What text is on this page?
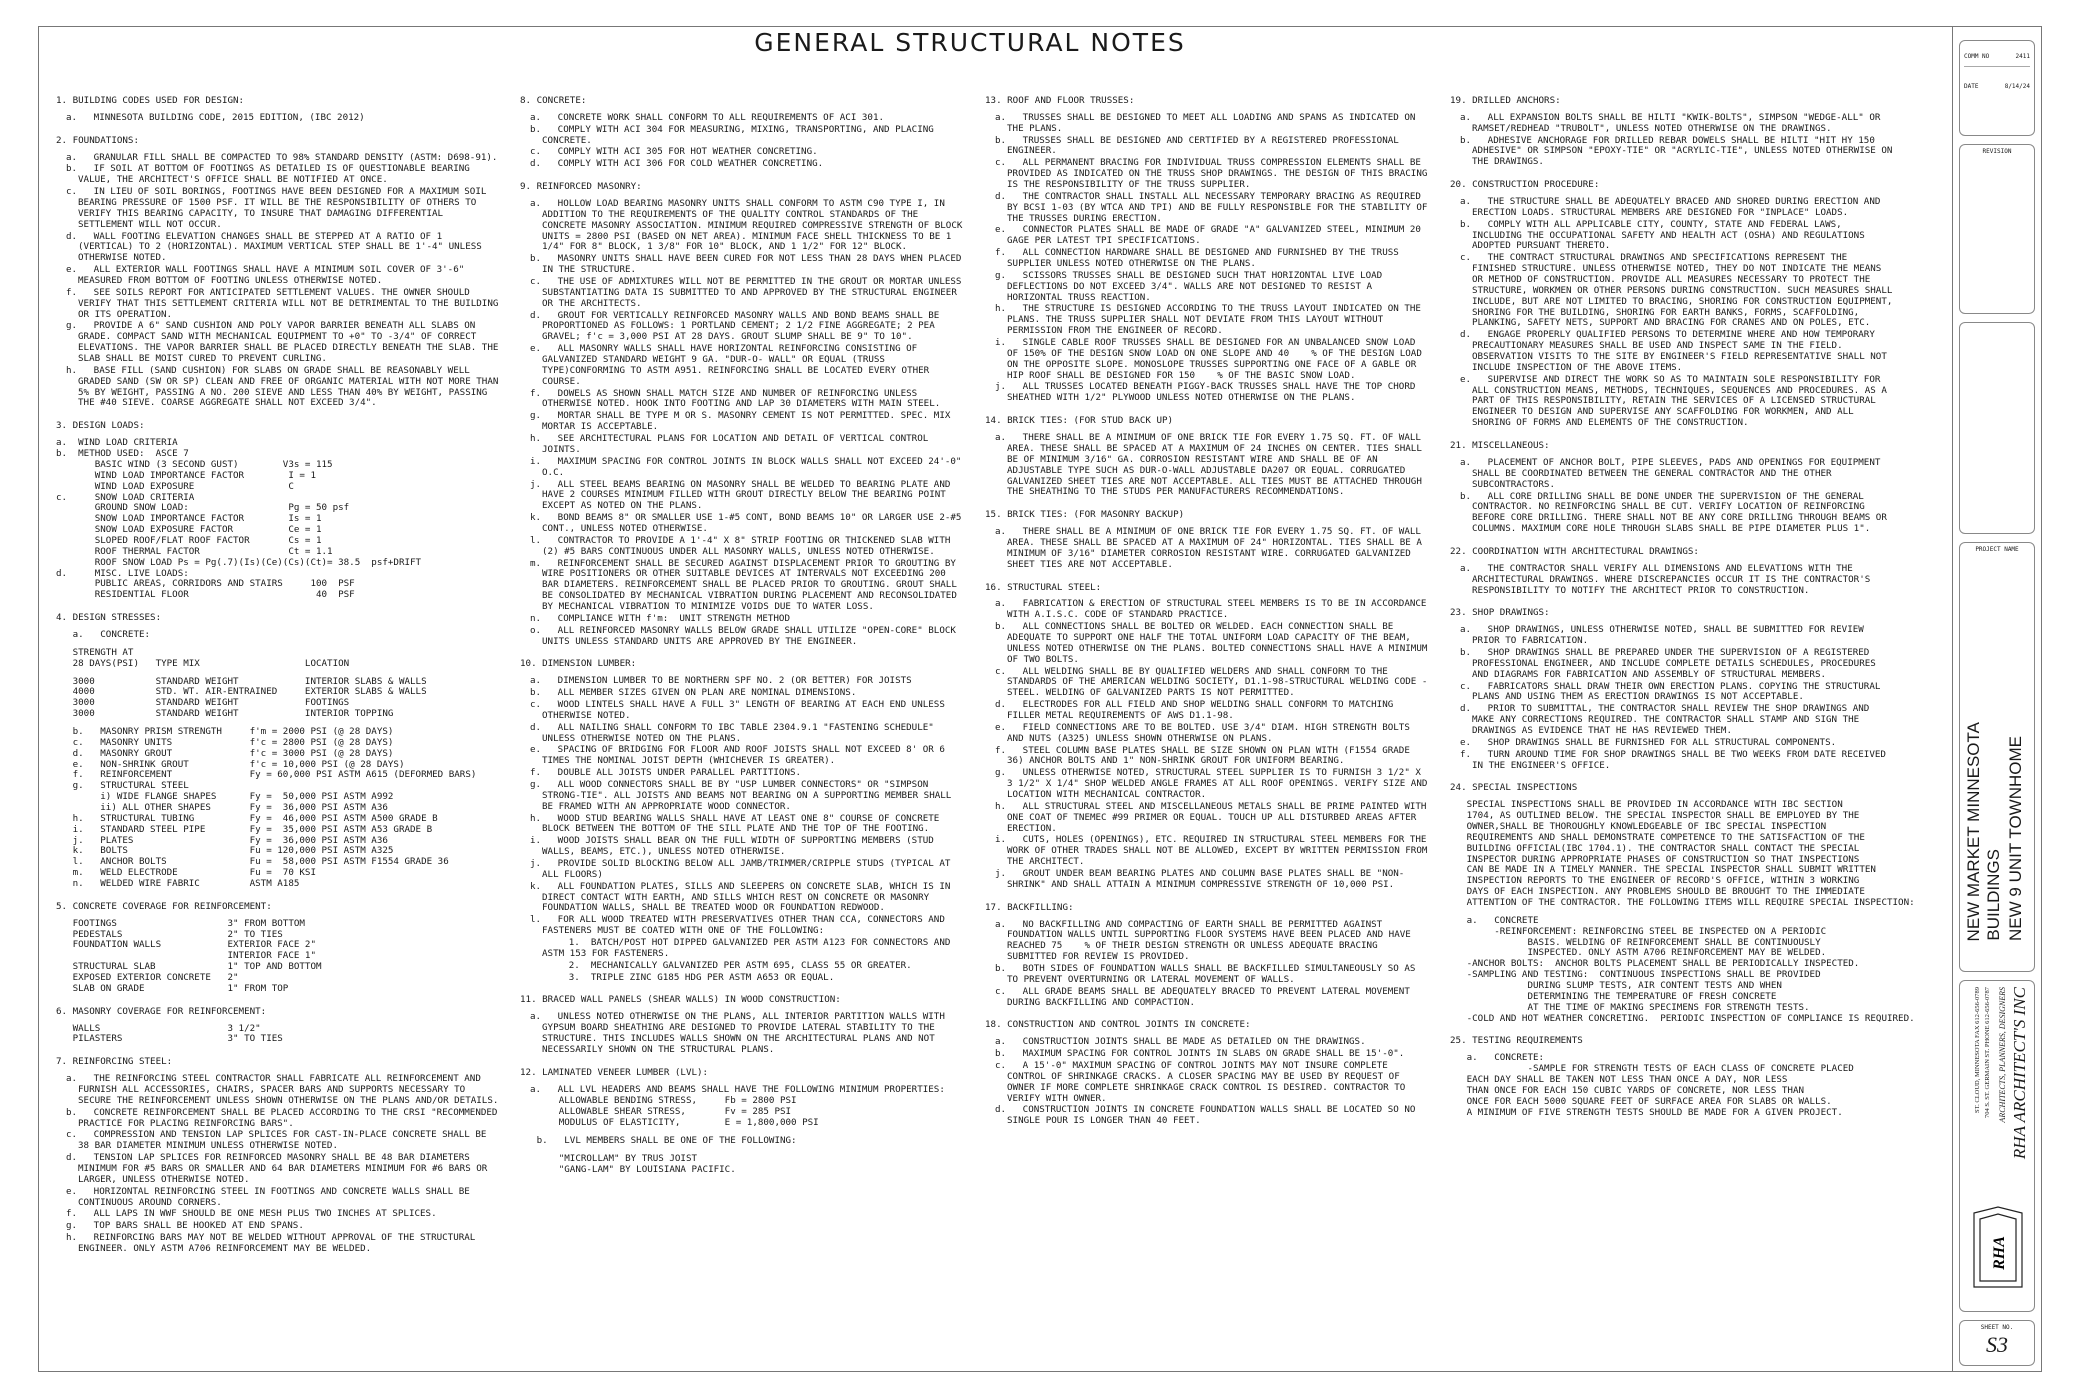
GENERAL STRUCTURAL NOTES
1. BUILDING CODES USED FOR DESIGN:
a.   MINNESOTA BUILDING CODE, 2015 EDITION, (IBC 2012)
2. FOUNDATIONS:
a.   GRANULAR FILL SHALL BE COMPACTED TO 98% STANDARD DENSITY (ASTM: D698-91).
b.   IF SOIL AT BOTTOM OF FOOTINGS AS DETAILED IS OF QUESTIONABLE BEARING VALUE, THE ARCHITECT'S OFFICE SHALL BE NOTIFIED AT ONCE.
c.   IN LIEU OF SOIL BORINGS, FOOTINGS HAVE BEEN DESIGNED FOR A MAXIMUM SOIL BEARING PRESSURE OF 1500 PSF. IT WILL BE THE RESPONSIBILITY OF OTHERS TO VERIFY THIS BEARING CAPACITY, TO INSURE THAT DAMAGING DIFFERENTIAL SETTLEMENT WILL NOT OCCUR.
d.   WALL FOOTING ELEVATION CHANGES SHALL BE STEPPED AT A RATIO OF 1 (VERTICAL) TO 2 (HORIZONTAL). MAXIMUM VERTICAL STEP SHALL BE 1'-4" UNLESS OTHERWISE NOTED.
e.   ALL EXTERIOR WALL FOOTINGS SHALL HAVE A MINIMUM SOIL COVER OF 3'-6" MEASURED FROM BOTTOM OF FOOTING UNLESS OTHERWISE NOTED.
f.   SEE SOILS REPORT FOR ANTICIPATED SETTLEMENT VALUES. THE OWNER SHOULD VERIFY THAT THIS SETTLEMENT CRITERIA WILL NOT BE DETRIMENTAL TO THE BUILDING OR ITS OPERATION.
g.   PROVIDE A 6" SAND CUSHION AND POLY VAPOR BARRIER BENEATH ALL SLABS ON GRADE. COMPACT SAND WITH MECHANICAL EQUIPMENT TO +0" TO -3/4" OF CORRECT ELEVATIONS. THE VAPOR BARRIER SHALL BE PLACED DIRECTLY BENEATH THE SLAB. THE SLAB SHALL BE MOIST CURED TO PREVENT CURLING.
h.   BASE FILL (SAND CUSHION) FOR SLABS ON GRADE SHALL BE REASONABLY WELL GRADED SAND (SW OR SP) CLEAN AND FREE OF ORGANIC MATERIAL WITH NOT MORE THAN 5% BY WEIGHT, PASSING A NO. 200 SIEVE AND LESS THAN 40% BY WEIGHT, PASSING THE #40 SIEVE. COARSE AGGREGATE SHALL NOT EXCEED 3/4".
3. DESIGN LOADS:
a.  WIND LOAD CRITERIA
b.  METHOD USED:  ASCE 7
BASIC WIND (3 SECOND GUST)        V3s = 115
WIND LOAD IMPORTANCE FACTOR        I = 1
WIND LOAD EXPOSURE                 C
c.     SNOW LOAD CRITERIA
GROUND SNOW LOAD:                  Pg = 50 psf
SNOW LOAD IMPORTANCE FACTOR        Is = 1
SNOW LOAD EXPOSURE FACTOR          Ce = 1
SLOPED ROOF/FLAT ROOF FACTOR       Cs = 1
ROOF THERMAL FACTOR                Ct = 1.1
ROOF SNOW LOAD Ps = Pg(.7)(Is)(Ce)(Cs)(Ct)= 38.5  psf+DRIFT
d.     MISC. LIVE LOADS:
PUBLIC AREAS, CORRIDORS AND STAIRS     100  PSF
RESIDENTIAL FLOOR                       40  PSF
4. DESIGN STRESSES:
a.   CONCRETE:
STRENGTH AT
28 DAYS(PSI)   TYPE MIX                   LOCATION
3000           STANDARD WEIGHT            INTERIOR SLABS & WALLS
4000           STD. WT. AIR-ENTRAINED     EXTERIOR SLABS & WALLS
3000           STANDARD WEIGHT            FOOTINGS
3000           STANDARD WEIGHT            INTERIOR TOPPING
b.   MASONRY PRISM STRENGTH     f'm = 2000 PSI (@ 28 DAYS)
c.   MASONRY UNITS              f'c = 2800 PSI (@ 28 DAYS)
d.   MASONRY GROUT              f'c = 3000 PSI (@ 28 DAYS)
e.   NON-SHRINK GROUT           f'c = 10,000 PSI (@ 28 DAYS)
f.   REINFORCEMENT              Fy = 60,000 PSI ASTM A615 (DEFORMED BARS)
g.   STRUCTURAL STEEL
i) WIDE FLANGE SHAPES      Fy =  50,000 PSI ASTM A992
ii) ALL OTHER SHAPES       Fy =  36,000 PSI ASTM A36
h.   STRUCTURAL TUBING          Fy =  46,000 PSI ASTM A500 GRADE B
i.   STANDARD STEEL PIPE        Fy =  35,000 PSI ASTM A53 GRADE B
j.   PLATES                     Fy =  36,000 PSI ASTM A36
k.   BOLTS                      Fu = 120,000 PSI ASTM A325
l.   ANCHOR BOLTS               Fu =  58,000 PSI ASTM F1554 GRADE 36
m.   WELD ELECTRODE             Fu =  70 KSI
n.   WELDED WIRE FABRIC         ASTM A185
5. CONCRETE COVERAGE FOR REINFORCEMENT:
FOOTINGS                    3" FROM BOTTOM
PEDESTALS                   2" TO TIES
FOUNDATION WALLS            EXTERIOR FACE 2"
INTERIOR FACE 1"
STRUCTURAL SLAB             1" TOP AND BOTTOM
EXPOSED EXTERIOR CONCRETE   2"
SLAB ON GRADE               1" FROM TOP
6. MASONRY COVERAGE FOR REINFORCEMENT:
WALLS                       3 1/2"
PILASTERS                   3" TO TIES
7. REINFORCING STEEL:
a.   THE REINFORCING STEEL CONTRACTOR SHALL FABRICATE ALL REINFORCEMENT AND FURNISH ALL ACCESSORIES, CHAIRS, SPACER BARS AND SUPPORTS NECESSARY TO SECURE THE REINFORCEMENT UNLESS SHOWN OTHERWISE ON THE PLANS AND/OR DETAILS.
b.   CONCRETE REINFORCEMENT SHALL BE PLACED ACCORDING TO THE CRSI "RECOMMENDED PRACTICE FOR PLACING REINFORCING BARS".
c.   COMPRESSION AND TENSION LAP SPLICES FOR CAST-IN-PLACE CONCRETE SHALL BE 38 BAR DIAMETER MINIMUM UNLESS OTHERWISE NOTED.
d.   TENSION LAP SPLICES FOR REINFORCED MASONRY SHALL BE 48 BAR DIAMETERS MINIMUM FOR #5 BARS OR SMALLER AND 64 BAR DIAMETERS MINIMUM FOR #6 BARS OR LARGER, UNLESS OTHERWISE NOTED.
e.   HORIZONTAL REINFORCING STEEL IN FOOTINGS AND CONCRETE WALLS SHALL BE CONTINUOUS AROUND CORNERS.
f.   ALL LAPS IN WWF SHOULD BE ONE MESH PLUS TWO INCHES AT SPLICES.
g.   TOP BARS SHALL BE HOOKED AT END SPANS.
h.   REINFORCING BARS MAY NOT BE WELDED WITHOUT APPROVAL OF THE STRUCTURAL ENGINEER. ONLY ASTM A706 REINFORCEMENT MAY BE WELDED.
8. CONCRETE:
a.   CONCRETE WORK SHALL CONFORM TO ALL REQUIREMENTS OF ACI 301.
b.   COMPLY WITH ACI 304 FOR MEASURING, MIXING, TRANSPORTING, AND PLACING CONCRETE.
c.   COMPLY WITH ACI 305 FOR HOT WEATHER CONCRETING.
d.   COMPLY WITH ACI 306 FOR COLD WEATHER CONCRETING.
9. REINFORCED MASONRY:
a.   HOLLOW LOAD BEARING MASONRY UNITS SHALL CONFORM TO ASTM C90 TYPE I, IN ADDITION TO THE REQUIREMENTS OF THE QUALITY CONTROL STANDARDS OF THE CONCRETE MASONRY ASSOCIATION. MINIMUM REQUIRED COMPRESSIVE STRENGTH OF BLOCK UNITS = 2800 PSI (BASED ON NET AREA). MINIMUM FACE SHELL THICKNESS TO BE 1 1/4" FOR 8" BLOCK, 1 3/8" FOR 10" BLOCK, AND 1 1/2" FOR 12" BLOCK.
b.   MASONRY UNITS SHALL HAVE BEEN CURED FOR NOT LESS THAN 28 DAYS WHEN PLACED IN THE STRUCTURE.
c.   THE USE OF ADMIXTURES WILL NOT BE PERMITTED IN THE GROUT OR MORTAR UNLESS SUBSTANTIATING DATA IS SUBMITTED TO AND APPROVED BY THE STRUCTURAL ENGINEER OR THE ARCHITECTS.
d.   GROUT FOR VERTICALLY REINFORCED MASONRY WALLS AND BOND BEAMS SHALL BE PROPORTIONED AS FOLLOWS: 1 PORTLAND CEMENT; 2 1/2 FINE AGGREGATE; 2 PEA GRAVEL; f'c = 3,000 PSI AT 28 DAYS. GROUT SLUMP SHALL BE 9" TO 10".
e.   ALL MASONRY WALLS SHALL HAVE HORIZONTAL REINFORCING CONSISTING OF GALVANIZED STANDARD WEIGHT 9 GA. "DUR-O- WALL" OR EQUAL (TRUSS TYPE)CONFORMING TO ASTM A951. REINFORCING SHALL BE LOCATED EVERY OTHER COURSE.
f.   DOWELS AS SHOWN SHALL MATCH SIZE AND NUMBER OF REINFORCING UNLESS OTHERWISE NOTED. HOOK INTO FOOTING AND LAP 30 DIAMETERS WITH MAIN STEEL.
g.   MORTAR SHALL BE TYPE M OR S. MASONRY CEMENT IS NOT PERMITTED. SPEC. MIX MORTAR IS ACCEPTABLE.
h.   SEE ARCHITECTURAL PLANS FOR LOCATION AND DETAIL OF VERTICAL CONTROL JOINTS.
i.   MAXIMUM SPACING FOR CONTROL JOINTS IN BLOCK WALLS SHALL NOT EXCEED 24'-0" O.C.
j.   ALL STEEL BEAMS BEARING ON MASONRY SHALL BE WELDED TO BEARING PLATE AND HAVE 2 COURSES MINIMUM FILLED WITH GROUT DIRECTLY BELOW THE BEARING POINT EXCEPT AS NOTED ON THE PLANS.
k.   BOND BEAMS 8" OR SMALLER USE 1-#5 CONT, BOND BEAMS 10" OR LARGER USE 2-#5 CONT., UNLESS NOTED OTHERWISE.
l.   CONTRACTOR TO PROVIDE A 1'-4" X 8" STRIP FOOTING OR THICKENED SLAB WITH (2) #5 BARS CONTINUOUS UNDER ALL MASONRY WALLS, UNLESS NOTED OTHERWISE.
m.   REINFORCEMENT SHALL BE SECURED AGAINST DISPLACEMENT PRIOR TO GROUTING BY WIRE POSITIONERS OR OTHER SUITABLE DEVICES AT INTERVALS NOT EXCEEDING 200 BAR DIAMETERS. REINFORCEMENT SHALL BE PLACED PRIOR TO GROUTING. GROUT SHALL BE CONSOLIDATED BY MECHANICAL VIBRATION DURING PLACEMENT AND RECONSOLIDATED BY MECHANICAL VIBRATION TO MINIMIZE VOIDS DUE TO WATER LOSS.
n.   COMPLIANCE WITH f'm:  UNIT STRENGTH METHOD
o.   ALL REINFORCED MASONRY WALLS BELOW GRADE SHALL UTILIZE "OPEN-CORE" BLOCK UNITS UNLESS STANDARD UNITS ARE APPROVED BY THE ENGINEER.
10. DIMENSION LUMBER:
a.   DIMENSION LUMBER TO BE NORTHERN SPF NO. 2 (OR BETTER) FOR JOISTS
b.   ALL MEMBER SIZES GIVEN ON PLAN ARE NOMINAL DIMENSIONS.
c.   WOOD LINTELS SHALL HAVE A FULL 3" LENGTH OF BEARING AT EACH END UNLESS OTHERWISE NOTED.
d.   ALL NAILING SHALL CONFORM TO IBC TABLE 2304.9.1 "FASTENING SCHEDULE" UNLESS OTHERWISE NOTED ON THE PLANS.
e.   SPACING OF BRIDGING FOR FLOOR AND ROOF JOISTS SHALL NOT EXCEED 8' OR 6 TIMES THE NOMINAL JOIST DEPTH (WHICHEVER IS GREATER).
f.   DOUBLE ALL JOISTS UNDER PARALLEL PARTITIONS.
g.   ALL WOOD CONNECTORS SHALL BE BY "USP LUMBER CONNECTORS" OR "SIMPSON STRONG-TIE". ALL JOISTS AND BEAMS NOT BEARING ON A SUPPORTING MEMBER SHALL BE FRAMED WITH AN APPROPRIATE WOOD CONNECTOR.
h.   WOOD STUD BEARING WALLS SHALL HAVE AT LEAST ONE 8" COURSE OF CONCRETE BLOCK BETWEEN THE BOTTOM OF THE SILL PLATE AND THE TOP OF THE FOOTING.
i.   WOOD JOISTS SHALL BEAR ON THE FULL WIDTH OF SUPPORTING MEMBERS (STUD WALLS, BEAMS, ETC.), UNLESS NOTED OTHERWISE.
j.   PROVIDE SOLID BLOCKING BELOW ALL JAMB/TRIMMER/CRIPPLE STUDS (TYPICAL AT ALL FLOORS)
k.   ALL FOUNDATION PLATES, SILLS AND SLEEPERS ON CONCRETE SLAB, WHICH IS IN DIRECT CONTACT WITH EARTH, AND SILLS WHICH REST ON CONCRETE OR MASONRY FOUNDATION WALLS, SHALL BE TREATED WOOD OR FOUNDATION REDWOOD.
l.   FOR ALL WOOD TREATED WITH PRESERVATIVES OTHER THAN CCA, CONNECTORS AND FASTENERS MUST BE COATED WITH ONE OF THE FOLLOWING:
1.  BATCH/POST HOT DIPPED GALVANIZED PER ASTM A123 FOR CONNECTORS AND ASTM 153 FOR FASTENERS.
2.  MECHANICALLY GALVANIZED PER ASTM 695, CLASS 55 OR GREATER.
3.  TRIPLE ZINC G185 HDG PER ASTM A653 OR EQUAL.
11. BRACED WALL PANELS (SHEAR WALLS) IN WOOD CONSTRUCTION:
a.   UNLESS NOTED OTHERWISE ON THE PLANS, ALL INTERIOR PARTITION WALLS WITH GYPSUM BOARD SHEATHING ARE DESIGNED TO PROVIDE LATERAL STABILITY TO THE STRUCTURE. THIS INCLUDES WALLS SHOWN ON THE ARCHITECTURAL PLANS AND NOT NECESSARILY SHOWN ON THE STRUCTURAL PLANS.
12. LAMINATED VENEER LUMBER (LVL):
a.   ALL LVL HEADERS AND BEAMS SHALL HAVE THE FOLLOWING MINIMUM PROPERTIES:
ALLOWABLE BENDING STRESS,     Fb = 2800 PSI
ALLOWABLE SHEAR STRESS,       Fv = 285 PSI
MODULUS OF ELASTICITY,        E = 1,800,000 PSI
b.   LVL MEMBERS SHALL BE ONE OF THE FOLLOWING:
"MICROLLAM" BY TRUS JOIST
"GANG-LAM" BY LOUISIANA PACIFIC.
13. ROOF AND FLOOR TRUSSES:
a.   TRUSSES SHALL BE DESIGNED TO MEET ALL LOADING AND SPANS AS INDICATED ON THE PLANS.
b.   TRUSSES SHALL BE DESIGNED AND CERTIFIED BY A REGISTERED PROFESSIONAL ENGINEER.
c.   ALL PERMANENT BRACING FOR INDIVIDUAL TRUSS COMPRESSION ELEMENTS SHALL BE PROVIDED AS INDICATED ON THE TRUSS SHOP DRAWINGS. THE DESIGN OF THIS BRACING IS THE RESPONSIBILITY OF THE TRUSS SUPPLIER.
d.   THE CONTRACTOR SHALL INSTALL ALL NECESSARY TEMPORARY BRACING AS REQUIRED BY BCSI 1-03 (BY WTCA AND TPI) AND BE FULLY RESPONSIBLE FOR THE STABILITY OF THE TRUSSES DURING ERECTION.
e.   CONNECTOR PLATES SHALL BE MADE OF GRADE "A" GALVANIZED STEEL, MINIMUM 20 GAGE PER LATEST TPI SPECIFICATIONS.
f.   ALL CONNECTION HARDWARE SHALL BE DESIGNED AND FURNISHED BY THE TRUSS SUPPLIER UNLESS NOTED OTHERWISE ON THE PLANS.
g.   SCISSORS TRUSSES SHALL BE DESIGNED SUCH THAT HORIZONTAL LIVE LOAD DEFLECTIONS DO NOT EXCEED 3/4". WALLS ARE NOT DESIGNED TO RESIST A HORIZONTAL TRUSS REACTION.
h.   THE STRUCTURE IS DESIGNED ACCORDING TO THE TRUSS LAYOUT INDICATED ON THE PLANS. THE TRUSS SUPPLIER SHALL NOT DEVIATE FROM THIS LAYOUT WITHOUT PERMISSION FROM THE ENGINEER OF RECORD.
i.   SINGLE CABLE ROOF TRUSSES SHALL BE DESIGNED FOR AN UNBALANCED SNOW LOAD OF 150% OF THE DESIGN SNOW LOAD ON ONE SLOPE AND 40    % OF THE DESIGN LOAD ON THE OPPOSITE SLOPE. MONOSLOPE TRUSSES SUPPORTING ONE FACE OF A GABLE OR HIP ROOF SHALL BE DESIGNED FOR 150    % OF THE BASIC SNOW LOAD.
j.   ALL TRUSSES LOCATED BENEATH PIGGY-BACK TRUSSES SHALL HAVE THE TOP CHORD SHEATHED WITH 1/2" PLYWOOD UNLESS NOTED OTHERWISE ON THE PLANS.
14. BRICK TIES: (FOR STUD BACK UP)
a.   THERE SHALL BE A MINIMUM OF ONE BRICK TIE FOR EVERY 1.75 SQ. FT. OF WALL AREA. THESE SHALL BE SPACED AT A MAXIMUM OF 24 INCHES ON CENTER. TIES SHALL BE OF MINIMUM 3/16" GA. CORROSION RESISTANT WIRE AND SHALL BE OF AN ADJUSTABLE TYPE SUCH AS DUR-O-WALL ADJUSTABLE DA207 OR EQUAL. CORRUGATED GALVANIZED SHEET TIES ARE NOT ACCEPTABLE. ALL TIES MUST BE ATTACHED THROUGH THE SHEATHING TO THE STUDS PER MANUFACTURERS RECOMMENDATIONS.
15. BRICK TIES: (FOR MASONRY BACKUP)
a.   THERE SHALL BE A MINIMUM OF ONE BRICK TIE FOR EVERY 1.75 SQ. FT. OF WALL AREA. THESE SHALL BE SPACED AT A MAXIMUM OF 24" HORIZONTAL. TIES SHALL BE A MINIMUM OF 3/16" DIAMETER CORROSION RESISTANT WIRE. CORRUGATED GALVANIZED SHEET TIES ARE NOT ACCEPTABLE.
16. STRUCTURAL STEEL:
a.   FABRICATION & ERECTION OF STRUCTURAL STEEL MEMBERS IS TO BE IN ACCORDANCE WITH A.I.S.C. CODE OF STANDARD PRACTICE.
b.   ALL CONNECTIONS SHALL BE BOLTED OR WELDED. EACH CONNECTION SHALL BE ADEQUATE TO SUPPORT ONE HALF THE TOTAL UNIFORM LOAD CAPACITY OF THE BEAM, UNLESS NOTED OTHERWISE ON THE PLANS. BOLTED CONNECTIONS SHALL HAVE A MINIMUM OF TWO BOLTS.
c.   ALL WELDING SHALL BE BY QUALIFIED WELDERS AND SHALL CONFORM TO THE STANDARDS OF THE AMERICAN WELDING SOCIETY, D1.1-98-STRUCTURAL WELDING CODE - STEEL. WELDING OF GALVANIZED PARTS IS NOT PERMITTED.
d.   ELECTRODES FOR ALL FIELD AND SHOP WELDING SHALL CONFORM TO MATCHING FILLER METAL REQUIREMENTS OF AWS D1.1-98.
e.   FIELD CONNECTIONS ARE TO BE BOLTED. USE 3/4" DIAM. HIGH STRENGTH BOLTS AND NUTS (A325) UNLESS SHOWN OTHERWISE ON PLANS.
f.   STEEL COLUMN BASE PLATES SHALL BE SIZE SHOWN ON PLAN WITH (F1554 GRADE 36) ANCHOR BOLTS AND 1" NON-SHRINK GROUT FOR UNIFORM BEARING.
g.   UNLESS OTHERWISE NOTED, STRUCTURAL STEEL SUPPLIER IS TO FURNISH 3 1/2" X 3 1/2" X 1/4" SHOP WELDED ANGLE FRAMES AT ALL ROOF OPENINGS. VERIFY SIZE AND LOCATION WITH MECHANICAL CONTRACTOR.
h.   ALL STRUCTURAL STEEL AND MISCELLANEOUS METALS SHALL BE PRIME PAINTED WITH ONE COAT OF TNEMEC #99 PRIMER OR EQUAL. TOUCH UP ALL DISTURBED AREAS AFTER ERECTION.
i.   CUTS, HOLES (OPENINGS), ETC. REQUIRED IN STRUCTURAL STEEL MEMBERS FOR THE WORK OF OTHER TRADES SHALL NOT BE ALLOWED, EXCEPT BY WRITTEN PERMISSION FROM THE ARCHITECT.
j.   GROUT UNDER BEAM BEARING PLATES AND COLUMN BASE PLATES SHALL BE "NON-SHRINK" AND SHALL ATTAIN A MINIMUM COMPRESSIVE STRENGTH OF 10,000 PSI.
17. BACKFILLING:
a.   NO BACKFILLING AND COMPACTING OF EARTH SHALL BE PERMITTED AGAINST FOUNDATION WALLS UNTIL SUPPORTING FLOOR SYSTEMS HAVE BEEN PLACED AND HAVE REACHED 75    % OF THEIR DESIGN STRENGTH OR UNLESS ADEQUATE BRACING SUBMITTED FOR REVIEW IS PROVIDED.
b.   BOTH SIDES OF FOUNDATION WALLS SHALL BE BACKFILLED SIMULTANEOUSLY SO AS TO PREVENT OVERTURNING OR LATERAL MOVEMENT OF WALLS.
c.   ALL GRADE BEAMS SHALL BE ADEQUATELY BRACED TO PREVENT LATERAL MOVEMENT DURING BACKFILLING AND COMPACTION.
18. CONSTRUCTION AND CONTROL JOINTS IN CONCRETE:
a.   CONSTRUCTION JOINTS SHALL BE MADE AS DETAILED ON THE DRAWINGS.
b.   MAXIMUM SPACING FOR CONTROL JOINTS IN SLABS ON GRADE SHALL BE 15'-0".
c.   A 15'-0" MAXIMUM SPACING OF CONTROL JOINTS MAY NOT INSURE COMPLETE CONTROL OF SHRINKAGE CRACKS. A CLOSER SPACING MAY BE USED BY REQUEST OF OWNER IF MORE COMPLETE SHRINKAGE CRACK CONTROL IS DESIRED. CONTRACTOR TO VERIFY WITH OWNER.
d.   CONSTRUCTION JOINTS IN CONCRETE FOUNDATION WALLS SHALL BE LOCATED SO NO SINGLE POUR IS LONGER THAN 40 FEET.
19. DRILLED ANCHORS:
a.   ALL EXPANSION BOLTS SHALL BE HILTI "KWIK-BOLTS", SIMPSON "WEDGE-ALL" OR RAMSET/REDHEAD "TRUBOLT", UNLESS NOTED OTHERWISE ON THE DRAWINGS.
b.   ADHESIVE ANCHORAGE FOR DRILLED REBAR DOWELS SHALL BE HILTI "HIT HY 150 ADHESIVE" OR SIMPSON "EPOXY-TIE" OR "ACRYLIC-TIE", UNLESS NOTED OTHERWISE ON THE DRAWINGS.
20. CONSTRUCTION PROCEDURE:
a.   THE STRUCTURE SHALL BE ADEQUATELY BRACED AND SHORED DURING ERECTION AND ERECTION LOADS. STRUCTURAL MEMBERS ARE DESIGNED FOR "INPLACE" LOADS.
b.   COMPLY WITH ALL APPLICABLE CITY, COUNTY, STATE AND FEDERAL LAWS, INCLUDING THE OCCUPATIONAL SAFETY AND HEALTH ACT (OSHA) AND REGULATIONS ADOPTED PURSUANT THERETO.
c.   THE CONTRACT STRUCTURAL DRAWINGS AND SPECIFICATIONS REPRESENT THE FINISHED STRUCTURE. UNLESS OTHERWISE NOTED, THEY DO NOT INDICATE THE MEANS OR METHOD OF CONSTRUCTION. PROVIDE ALL MEASURES NECESSARY TO PROTECT THE STRUCTURE, WORKMEN OR OTHER PERSONS DURING CONSTRUCTION. SUCH MEASURES SHALL INCLUDE, BUT ARE NOT LIMITED TO BRACING, SHORING FOR CONSTRUCTION EQUIPMENT, SHORING FOR THE BUILDING, SHORING FOR EARTH BANKS, FORMS, SCAFFOLDING, PLANKING, SAFETY NETS, SUPPORT AND BRACING FOR CRANES AND ON POLES, ETC.
d.   ENGAGE PROPERLY QUALIFIED PERSONS TO DETERMINE WHERE AND HOW TEMPORARY PRECAUTIONARY MEASURES SHALL BE USED AND INSPECT SAME IN THE FIELD. OBSERVATION VISITS TO THE SITE BY ENGINEER'S FIELD REPRESENTATIVE SHALL NOT INCLUDE INSPECTION OF THE ABOVE ITEMS.
e.   SUPERVISE AND DIRECT THE WORK SO AS TO MAINTAIN SOLE RESPONSIBILITY FOR ALL CONSTRUCTION MEANS, METHODS, TECHNIQUES, SEQUENCES AND PROCEDURES. AS A PART OF THIS RESPONSIBILITY, RETAIN THE SERVICES OF A LICENSED STRUCTURAL ENGINEER TO DESIGN AND SUPERVISE ANY SCAFFOLDING FOR WORKMEN, AND ALL SHORING OF FORMS AND ELEMENTS OF THE CONSTRUCTION.
21. MISCELLANEOUS:
a.   PLACEMENT OF ANCHOR BOLT, PIPE SLEEVES, PADS AND OPENINGS FOR EQUIPMENT SHALL BE COORDINATED BETWEEN THE GENERAL CONTRACTOR AND THE OTHER SUBCONTRACTORS.
b.   ALL CORE DRILLING SHALL BE DONE UNDER THE SUPERVISION OF THE GENERAL CONTRACTOR. NO REINFORCING SHALL BE CUT. VERIFY LOCATION OF REINFORCING BEFORE CORE DRILLING. THERE SHALL NOT BE ANY CORE DRILLING THROUGH BEAMS OR COLUMNS. MAXIMUM CORE HOLE THROUGH SLABS SHALL BE PIPE DIAMETER PLUS 1".
22. COORDINATION WITH ARCHITECTURAL DRAWINGS:
a.   THE CONTRACTOR SHALL VERIFY ALL DIMENSIONS AND ELEVATIONS WITH THE ARCHITECTURAL DRAWINGS. WHERE DISCREPANCIES OCCUR IT IS THE CONTRACTOR'S RESPONSIBILITY TO NOTIFY THE ARCHITECT PRIOR TO CONSTRUCTION.
23. SHOP DRAWINGS:
a.   SHOP DRAWINGS, UNLESS OTHERWISE NOTED, SHALL BE SUBMITTED FOR REVIEW PRIOR TO FABRICATION.
b.   SHOP DRAWINGS SHALL BE PREPARED UNDER THE SUPERVISION OF A REGISTERED PROFESSIONAL ENGINEER, AND INCLUDE COMPLETE DETAILS SCHEDULES, PROCEDURES AND DIAGRAMS FOR FABRICATION AND ASSEMBLY OF STRUCTURAL MEMBERS.
c.   FABRICATORS SHALL DRAW THEIR OWN ERECTION PLANS. COPYING THE STRUCTURAL PLANS AND USING THEM AS ERECTION DRAWINGS IS NOT ACCEPTABLE.
d.   PRIOR TO SUBMITTAL, THE CONTRACTOR SHALL REVIEW THE SHOP DRAWINGS AND MAKE ANY CORRECTIONS REQUIRED. THE CONTRACTOR SHALL STAMP AND SIGN THE DRAWINGS AS EVIDENCE THAT HE HAS REVIEWED THEM.
e.   SHOP DRAWINGS SHALL BE FURNISHED FOR ALL STRUCTURAL COMPONENTS.
f.   TURN AROUND TIME FOR SHOP DRAWINGS SHALL BE TWO WEEKS FROM DATE RECEIVED IN THE ENGINEER'S OFFICE.
24. SPECIAL INSPECTIONS
SPECIAL INSPECTIONS SHALL BE PROVIDED IN ACCORDANCE WITH IBC SECTION
1704, AS OUTLINED BELOW. THE SPECIAL INSPECTOR SHALL BE EMPLOYED BY THE
OWNER,SHALL BE THOROUGHLY KNOWLEDGEABLE OF IBC SPECIAL INSPECTION
REQUIREMENTS AND SHALL DEMONSTRATE COMPETENCE TO THE SATISFACTION OF THE
BUILDING OFFICIAL(IBC 1704.1). THE CONTRACTOR SHALL CONTACT THE SPECIAL
INSPECTOR DURING APPROPRIATE PHASES OF CONSTRUCTION SO THAT INSPECTIONS
CAN BE MADE IN A TIMELY MANNER. THE SPECIAL INSPECTOR SHALL SUBMIT WRITTEN
INSPECTION REPORTS TO THE ENGINEER OF RECORD'S OFFICE, WITHIN 3 WORKING
DAYS OF EACH INSPECTION. ANY PROBLEMS SHOULD BE BROUGHT TO THE IMMEDIATE
ATTENTION OF THE CONTRACTOR. THE FOLLOWING ITEMS WILL REQUIRE SPECIAL INSPECTION:
a.   CONCRETE
-REINFORCEMENT: REINFORCING STEEL BE INSPECTED ON A PERIODIC
BASIS. WELDING OF REINFORCEMENT SHALL BE CONTINUOUSLY
INSPECTED. ONLY ASTM A706 REINFORCEMENT MAY BE WELDED.
-ANCHOR BOLTS:  ANCHOR BOLTS PLACEMENT SHALL BE PERIODICALLY INSPECTED.
-SAMPLING AND TESTING:  CONTINUOUS INSPECTIONS SHALL BE PROVIDED
DURING SLUMP TESTS, AIR CONTENT TESTS AND WHEN
DETERMINING THE TEMPERATURE OF FRESH CONCRETE
AT THE TIME OF MAKING SPECIMENS FOR STRENGTH TESTS.
-COLD AND HOT WEATHER CONCRETING.  PERIODIC INSPECTION OF COMPLIANCE IS REQUIRED.
25. TESTING REQUIREMENTS
a.   CONCRETE:
-SAMPLE FOR STRENGTH TESTS OF EACH CLASS OF CONCRETE PLACED
EACH DAY SHALL BE TAKEN NOT LESS THAN ONCE A DAY, NOR LESS
THAN ONCE FOR EACH 150 CUBIC YARDS OF CONCRETE, NOR LESS THAN
ONCE FOR EACH 5000 SQUARE FEET OF SURFACE AREA FOR SLABS OR WALLS.
A MINIMUM OF FIVE STRENGTH TESTS SHOULD BE MADE FOR A GIVEN PROJECT.
COMM NO	2411
DATE	8/14/24
REVISION
PROJECT NAME
NEW 9 UNIT TOWNHOME
BUILDINGS
NEW MARKET MINNESOTA
RHA ARCHITECT'S INC
ARCHITECTS, PLANNERS, DESIGNERS
704 S. ST. GERMAIN ST. PHONE 612-656-0787
ST. CLOUD, MINNESOTA FAX 612-656-0789
RHA
SHEET NO.
S3
